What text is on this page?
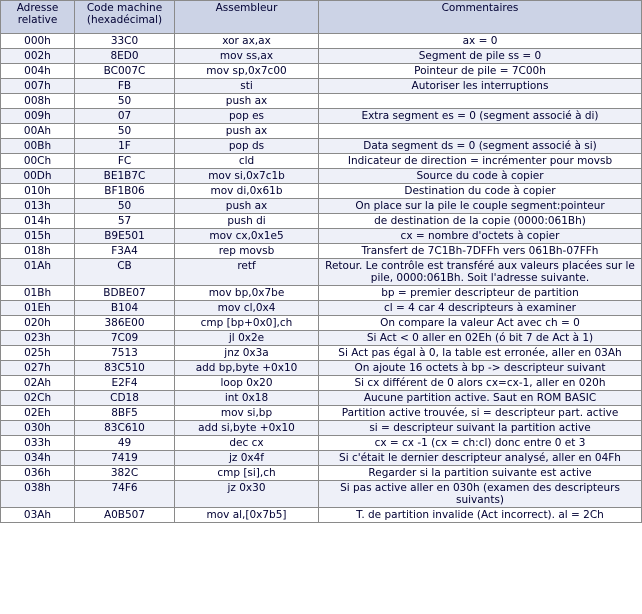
Adresse relative	Code machine (hexadécimal)	Assembleur	Commentaires
000h	33C0	xor ax,ax	ax = 0
002h	8ED0	mov ss,ax	Segment de pile ss = 0
004h	BC007C	mov sp,0x7c00	Pointeur de pile = 7C00h
007h	FB	sti	Autoriser les interruptions
008h	50	push ax	
009h	07	pop es	Extra segment es = 0 (segment associé à di)
00Ah	50	push ax	
00Bh	1F	pop ds	Data segment ds = 0 (segment associé à si)
00Ch	FC	cld	Indicateur de direction = incrémenter pour movsb
00Dh	BE1B7C	mov si,0x7c1b	Source du code à copier
010h	BF1B06	mov di,0x61b	Destination du code à copier
013h	50	push ax	On place sur la pile le couple segment:pointeur
014h	57	push di	de destination de la copie (0000:061Bh)
015h	B9E501	mov cx,0x1e5	cx = nombre d'octets à copier
018h	F3A4	rep movsb	Transfert de 7C1Bh-7DFFh vers 061Bh-07FFh
01Ah	CB	retf	Retour. Le contrôle est transféré aux valeurs placées sur le pile, 0000:061Bh. Soit l'adresse suivante.
01Bh	BDBE07	mov bp,0x7be	bp = premier descripteur de partition
01Eh	B104	mov cl,0x4	cl = 4 car 4 descripteurs à examiner
020h	386E00	cmp [bp+0x0],ch	On compare la valeur Act avec ch = 0
023h	7C09	jl 0x2e	Si Act < 0 aller en 02Eh (ó bit 7 de Act à 1)
025h	7513	jnz 0x3a	Si Act pas égal à 0, la table est erronée, aller en 03Ah
027h	83C510	add bp,byte +0x10	On ajoute 16 octets à bp -> descripteur suivant
02Ah	E2F4	loop 0x20	Si cx différent de 0 alors cx=cx-1, aller en 020h
02Ch	CD18	int 0x18	Aucune partition active. Saut en ROM BASIC
02Eh	8BF5	mov si,bp	Partition active trouvée, si = descripteur part. active
030h	83C610	add si,byte +0x10	si = descripteur suivant la partition active
033h	49	dec cx	cx = cx -1 (cx = ch:cl) donc entre 0 et 3
034h	7419	jz 0x4f	Si c'était le dernier descripteur analysé, aller en 04Fh
036h	382C	cmp [si],ch	Regarder si la partition suivante est active
038h	74F6	jz 0x30	Si pas active aller en 030h (examen des descripteurs suivants)
03Ah	A0B507	mov al,[0x7b5]	T. de partition invalide (Act incorrect). al = 2Ch
